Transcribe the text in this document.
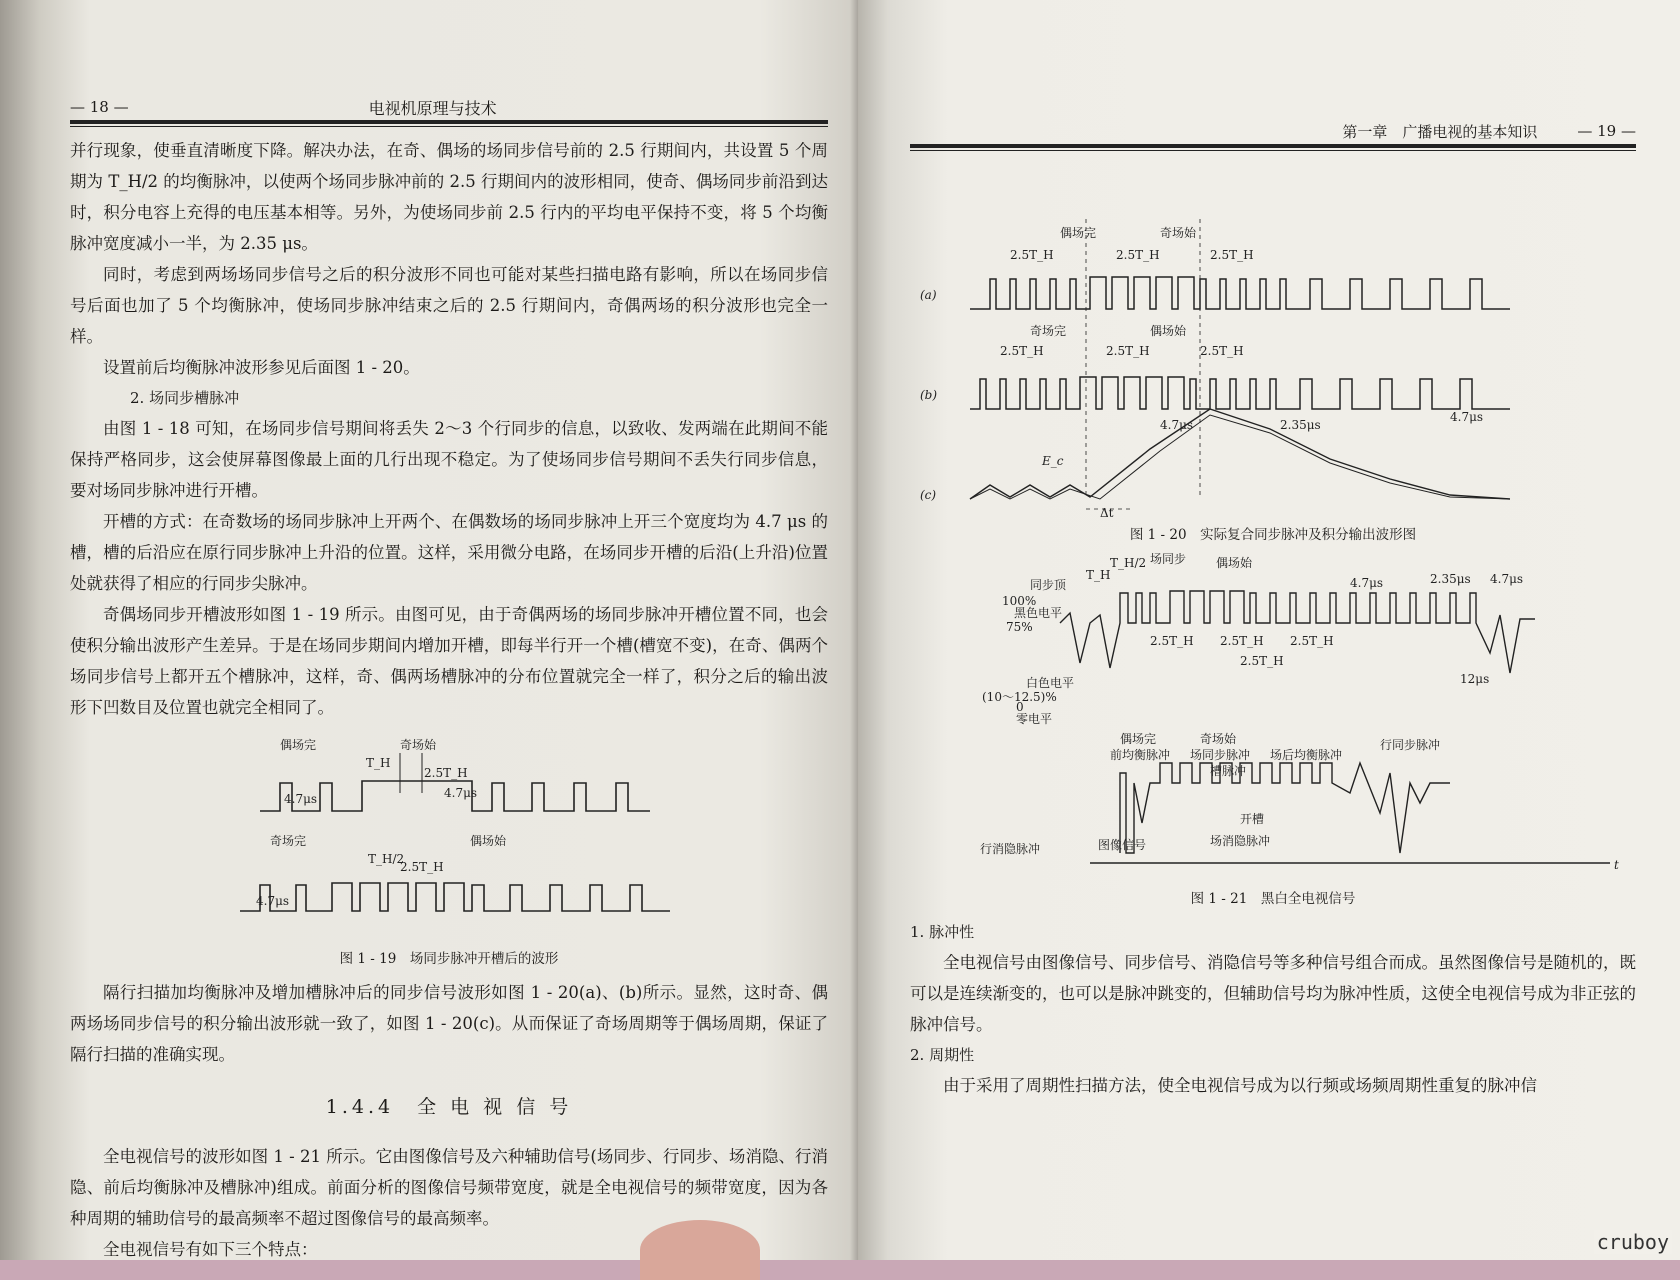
— 18 —	电视机原理与技术

并行现象，使垂直清晰度下降。解决办法，在奇、偶场的场同步信号前的 2.5 行期间内，共设置 5 个周期为 T_H/2 的均衡脉冲，以使两个场同步脉冲前的 2.5 行期间内的波形相同，使奇、偶场同步前沿到达时，积分电容上充得的电压基本相等。另外，为使场同步前 2.5 行内的平均电平保持不变，将 5 个均衡脉冲宽度减小一半，为 2.35 μs。

同时，考虑到两场场同步信号之后的积分波形不同也可能对某些扫描电路有影响，所以在场同步信号后面也加了 5 个均衡脉冲，使场同步脉冲结束之后的 2.5 行期间内，奇偶两场的积分波形也完全一样。

设置前后均衡脉冲波形参见后面图 1 - 20。

2. 场同步槽脉冲

由图 1 - 18 可知，在场同步信号期间将丢失 2～3 个行同步的信息，以致收、发两端在此期间不能保持严格同步，这会使屏幕图像最上面的几行出现不稳定。为了使场同步信号期间不丢失行同步信息，要对场同步脉冲进行开槽。

开槽的方式：在奇数场的场同步脉冲上开两个、在偶数场的场同步脉冲上开三个宽度均为 4.7 μs 的槽，槽的后沿应在原行同步脉冲上升沿的位置。这样，采用微分电路，在场同步开槽的后沿(上升沿)位置处就获得了相应的行同步尖脉冲。

奇偶场同步开槽波形如图 1 - 19 所示。由图可见，由于奇偶两场的场同步脉冲开槽位置不同，也会使积分输出波形产生差异。于是在场同步期间内增加开槽，即每半行开一个槽(槽宽不变)，在奇、偶两个场同步信号上都开五个槽脉冲，这样，奇、偶两场槽脉冲的分布位置就完全一样了，积分之后的输出波形下凹数目及位置也就完全相同了。

偶场完	奇场始
T_H
2.5T_H
4.7μs	4.7μs
奇场完	偶场始
T_H/2
2.5T_H
4.7μs
图 1 - 19　场同步脉冲开槽后的波形

隔行扫描加均衡脉冲及增加槽脉冲后的同步信号波形如图 1 - 20(a)、(b)所示。显然，这时奇、偶两场场同步信号的积分输出波形就一致了，如图 1 - 20(c)。从而保证了奇场周期等于偶场周期，保证了隔行扫描的准确实现。

1.4.4　全 电 视 信 号

全电视信号的波形如图 1 - 21 所示。它由图像信号及六种辅助信号(场同步、行同步、场消隐、行消隐、前后均衡脉冲及槽脉冲)组成。前面分析的图像信号频带宽度，就是全电视信号的频带宽度，因为各种周期的辅助信号的最高频率不超过图像信号的最高频率。

全电视信号有如下三个特点：

第一章　广播电视的基本知识	— 19 —
偶场完	奇场始
2.5T_H	2.5T_H	2.5T_H
(a)
奇场完	偶场始
2.5T_H	2.5T_H	2.5T_H
(b)
4.7μs	2.35μs
4.7μs
E_c
(c)
Δt
图 1 - 20　实际复合同步脉冲及积分输出波形图
T_H/2 场同步 偶场始
T_H
同步顶
100%
黑色电平
75%
4.7μs	2.35μs 4.7μs
2.5T_H 2.5T_H 2.5T_H
2.5T_H
白色电平
(10～12.5)%
0
零电平
12μs
偶场完	奇场始
前均衡脉冲 场同步脉冲 场后均衡脉冲
行同步脉冲
槽脉冲
开槽
行消隐脉冲	图像信号	场消隐脉冲
t
图 1 - 21　黑白全电视信号
1. 脉冲性

全电视信号由图像信号、同步信号、消隐信号等多种信号组合而成。虽然图像信号是随机的，既可以是连续渐变的，也可以是脉冲跳变的，但辅助信号均为脉冲性质，这使全电视信号成为非正弦的脉冲信号。

2. 周期性

由于采用了周期性扫描方法，使全电视信号成为以行频或场频周期性重复的脉冲信

cruboy
